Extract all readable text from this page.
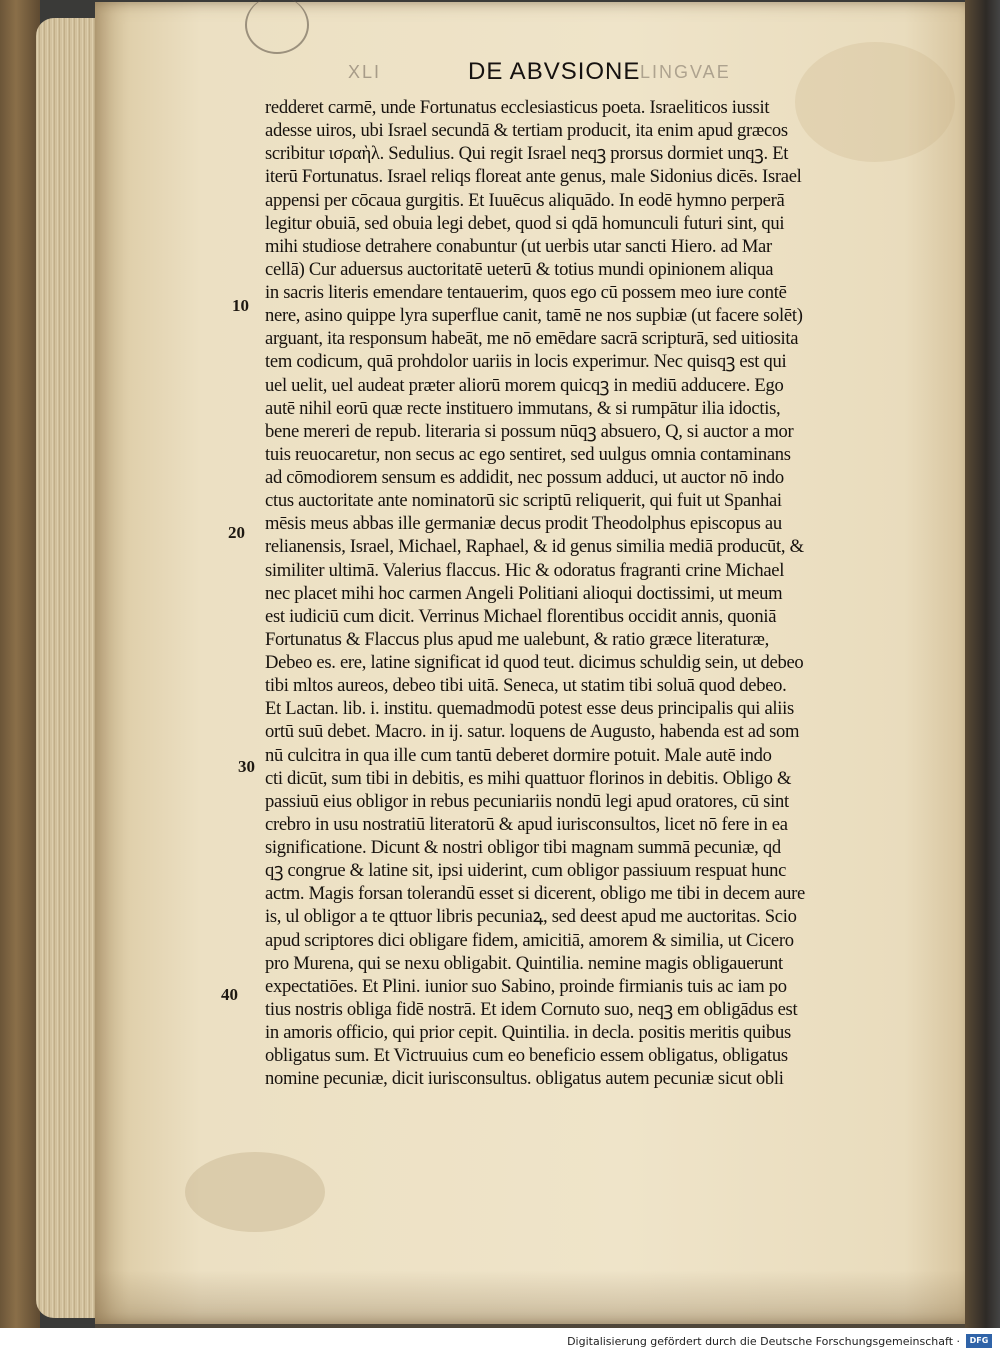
XLI	DE ABVSIONE LINGVAE
10
20
30
40
redderet carmē, unde Fortunatus ecclesiasticus poeta. Israeliticos iussit
adesse uiros, ubi Israel secundā & tertiam producit, ita enim apud græcos
scribitur ισραὴλ. Sedulius. Qui regit Israel neqꝫ prorsus dormiet unqꝫ. Et
iterū Fortunatus. Israel reliqs floreat ante genus, male Sidonius dicēs. Israel
appensi per cōcaua gurgitis. Et Iuuēcus aliquādo. In eodē hymno perperā
legitur obuiā, sed obuia legi debet, quod si qdā homunculi futuri sint, qui
mihi studiose detrahere conabuntur (ut uerbis utar sancti Hiero. ad Mar
cellā) Cur aduersus auctoritatē ueterū & totius mundi opinionem aliqua
in sacris literis emendare tentauerim, quos ego cū possem meo iure contē
nere, asino quippe lyra superflue canit, tamē ne nos supbiæ (ut facere solēt)
arguant, ita responsum habeāt, me nō emēdare sacrā scripturā, sed uitiosita
tem codicum, quā prohdolor uariis in locis experimur. Nec quisqꝫ est qui
uel uelit, uel audeat præter aliorū morem quicqꝫ in mediū adducere. Ego
autē nihil eorū quæ recte instituero immutans, & si rumpātur ilia idoctis,
bene mereri de repub. literaria si possum nūqꝫ absuero, Q, si auctor a mor
tuis reuocaretur, non secus ac ego sentiret, sed uulgus omnia contaminans
ad cōmodiorem sensum es addidit, nec possum adduci, ut auctor nō indo
ctus auctoritate ante nominatorū sic scriptū reliquerit, qui fuit ut Spanhai
mēsis meus abbas ille germaniæ decus prodit Theodolphus episcopus au
relianensis, Israel, Michael, Raphael, & id genus similia mediā producūt, &
similiter ultimā. Valerius flaccus. Hic & odoratus fragranti crine Michael
nec placet mihi hoc carmen Angeli Politiani alioqui doctissimi, ut meum
est iudiciū cum dicit. Verrinus Michael florentibus occidit annis, quoniā
Fortunatus & Flaccus plus apud me ualebunt, & ratio græce literaturæ,
Debeo es. ere, latine significat id quod teut. dicimus schuldig sein, ut debeo
tibi mltos aureos, debeo tibi uitā. Seneca, ut statim tibi soluā quod debeo.
Et Lactan. lib. i. institu. quemadmodū potest esse deus principalis qui aliis
ortū suū debet. Macro. in ij. satur. loquens de Augusto, habenda est ad som
nū culcitra in qua ille cum tantū deberet dormire potuit. Male autē indo
cti dicūt, sum tibi in debitis, es mihi quattuor florinos in debitis. Obligo &
passiuū eius obligor in rebus pecuniariis nondū legi apud oratores, cū sint
crebro in usu nostratiū literatorū & apud iurisconsultos, licet nō fere in ea
significatione. Dicunt & nostri obligor tibi magnam summā pecuniæ, qd
qꝫ congrue & latine sit, ipsi uiderint, cum obligor passiuum respuat hunc
actm. Magis forsan tolerandū esset si dicerent, obligo me tibi in decem aure
is, ul obligor a te qttuor libris pecuniaꝝ, sed deest apud me auctoritas. Scio
apud scriptores dici obligare fidem, amicitiā, amorem & similia, ut Cicero
pro Murena, qui se nexu obligabit. Quintilia. nemine magis obligauerunt
expectatiōes. Et Plini. iunior suo Sabino, proinde firmianis tuis ac iam po
tius nostris obliga fidē nostrā. Et idem Cornuto suo, neqꝫ em obligādus est
in amoris officio, qui prior cepit. Quintilia. in decla. positis meritis quibus
obligatus sum. Et Victruuius cum eo beneficio essem obligatus, obligatus
nomine pecuniæ, dicit iurisconsultus. obligatus autem pecuniæ sicut obli
Digitalisierung gefördert durch die Deutsche Forschungsgemeinschaft ·	DFG
